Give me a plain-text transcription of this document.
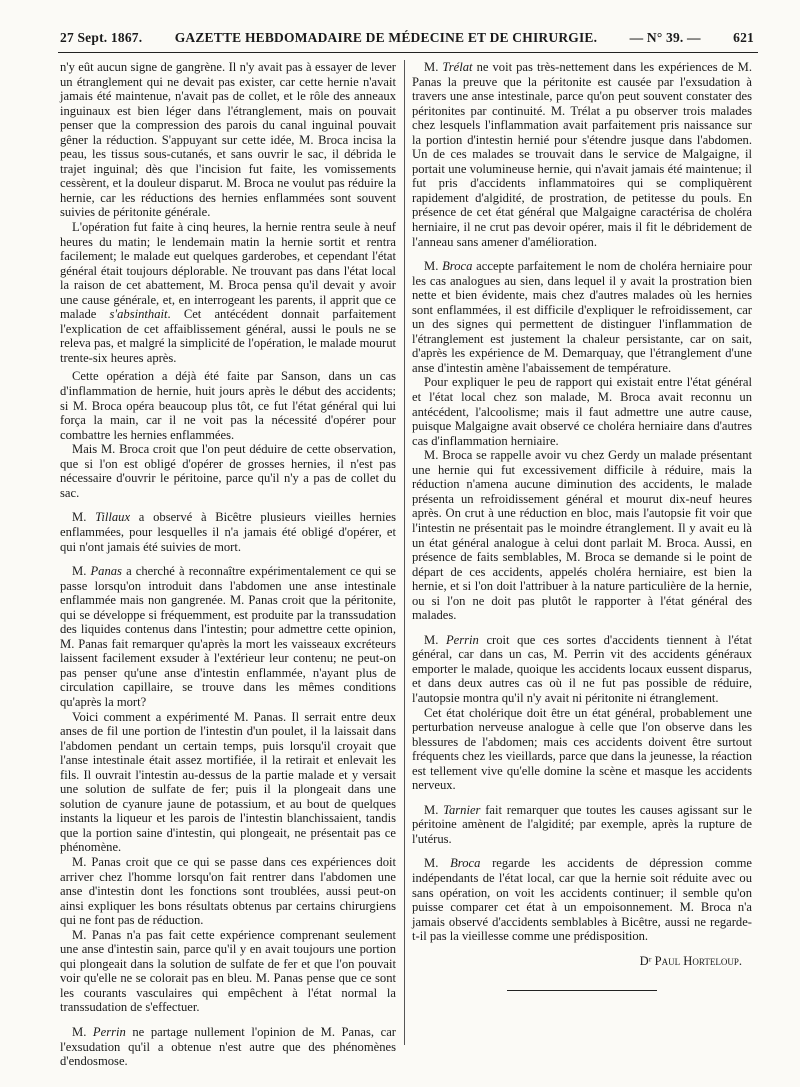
27 Sept. 1867. GAZETTE HEBDOMADAIRE DE MÉDECINE ET DE CHIRURGIE. — N° 39. — 621

n'y eût aucun signe de gangrène. Il n'y avait pas à essayer de lever un étranglement qui ne devait pas exister, car cette hernie n'avait jamais été maintenue, n'avait pas de collet, et le rôle des anneaux inguinaux est bien léger dans l'étranglement, mais on pouvait penser que la compression des parois du canal inguinal pouvait gêner la réduction. S'appuyant sur cette idée, M. Broca incisa la peau, les tissus sous-cutanés, et sans ouvrir le sac, il débrida le trajet inguinal; dès que l'incision fut faite, les vomissements cessèrent, et la douleur disparut. M. Broca ne voulut pas réduire la hernie, car les réductions des hernies enflammées sont souvent suivies de péritonite générale.

L'opération fut faite à cinq heures, la hernie rentra seule à neuf heures du matin; le lendemain matin la hernie sortit et rentra facilement; le malade eut quelques garderobes, et cependant l'état général était toujours déplorable. Ne trouvant pas dans l'état local la raison de cet abattement, M. Broca pensa qu'il devait y avoir une cause générale, et, en interrogeant les parents, il apprit que ce malade s'absinthait. Cet antécédent donnait parfaitement l'explication de cet affaiblissement général, aussi le pouls ne se releva pas, et malgré la simplicité de l'opération, le malade mourut trente-six heures après.

Cette opération a déjà été faite par Sanson, dans un cas d'inflammation de hernie, huit jours après le début des accidents; si M. Broca opéra beaucoup plus tôt, ce fut l'état général qui lui força la main, car il ne voit pas la nécessité d'opérer pour combattre les hernies enflammées.

Mais M. Broca croit que l'on peut déduire de cette observation, que si l'on est obligé d'opérer de grosses hernies, il n'est pas nécessaire d'ouvrir le péritoine, parce qu'il n'y a pas de collet du sac.

M. Tillaux a observé à Bicêtre plusieurs vieilles hernies enflammées, pour lesquelles il n'a jamais été obligé d'opérer, et qui n'ont jamais été suivies de mort.

M. Panas a cherché à reconnaître expérimentalement ce qui se passe lorsqu'on introduit dans l'abdomen une anse intestinale enflammée mais non gangrenée. M. Panas croit que la péritonite, qui se développe si fréquemment, est produite par la transsudation des liquides contenus dans l'intestin; pour admettre cette opinion, M. Panas fait remarquer qu'après la mort les vaisseaux excréteurs laissent facilement exsuder à l'extérieur leur contenu; ne peut-on pas penser qu'une anse d'intestin enflammée, n'ayant plus de circulation capillaire, se trouve dans les mêmes conditions qu'après la mort?

Voici comment a expérimenté M. Panas. Il serrait entre deux anses de fil une portion de l'intestin d'un poulet, il la laissait dans l'abdomen pendant un certain temps, puis lorsqu'il croyait que l'anse intestinale était assez mortifiée, il la retirait et enlevait les fils. Il ouvrait l'intestin au-dessus de la partie malade et y versait une solution de sulfate de fer; puis il la plongeait dans une solution de cyanure jaune de potassium, et au bout de quelques instants la liqueur et les parois de l'intestin blanchissaient, tandis que la portion saine d'intestin, qui plongeait, ne présentait pas ce phénomène.

M. Panas croit que ce qui se passe dans ces expériences doit arriver chez l'homme lorsqu'on fait rentrer dans l'abdomen une anse d'intestin dont les fonctions sont troublées, aussi peut-on ainsi expliquer les bons résultats obtenus par certains chirurgiens qui ne font pas de réduction.

M. Panas n'a pas fait cette expérience comprenant seulement une anse d'intestin sain, parce qu'il y en avait toujours une portion qui plongeait dans la solution de sulfate de fer et que l'on pouvait voir qu'elle ne se colorait pas en bleu. M. Panas pense que ce sont les courants vasculaires qui empêchent à l'état normal la transsudation de s'effectuer.

M. Perrin ne partage nullement l'opinion de M. Panas, car l'exsudation qu'il a obtenue n'est autre que des phénomènes d'endosmose.

M. Trélat ne voit pas très-nettement dans les expériences de M. Panas la preuve que la péritonite est causée par l'exsudation à travers une anse intestinale, parce qu'on peut souvent constater des péritonites par continuité. M. Trélat a pu observer trois malades chez lesquels l'inflammation avait parfaitement pris naissance sur la portion d'intestin hernié pour s'étendre jusque dans l'abdomen. Un de ces malades se trouvait dans le service de Malgaigne, il portait une volumineuse hernie, qui n'avait jamais été maintenue; il fut pris d'accidents inflammatoires qui se compliquèrent rapidement d'algidité, de prostration, de petitesse du pouls. En présence de cet état général que Malgaigne caractérisa de choléra herniaire, il ne crut pas devoir opérer, mais il fit le débridement de l'anneau sans amener d'amélioration.

M. Broca accepte parfaitement le nom de choléra herniaire pour les cas analogues au sien, dans lequel il y avait la prostration bien nette et bien évidente, mais chez d'autres malades où les hernies sont enflammées, il est difficile d'expliquer le refroidissement, car un des signes qui permettent de distinguer l'inflammation de l'étranglement est justement la chaleur persistante, car on sait, d'après les expérience de M. Demarquay, que l'étranglement d'une anse d'intestin amène l'abaissement de température.

Pour expliquer le peu de rapport qui existait entre l'état général et l'état local chez son malade, M. Broca avait reconnu un antécédent, l'alcoolisme; mais il faut admettre une autre cause, puisque Malgaigne avait observé ce choléra herniaire dans d'autres cas d'inflammation herniaire.

M. Broca se rappelle avoir vu chez Gerdy un malade présentant une hernie qui fut excessivement difficile à réduire, mais la réduction n'amena aucune diminution des accidents, le malade présenta un refroidissement général et mourut dix-neuf heures après. On crut à une réduction en bloc, mais l'autopsie fit voir que l'intestin ne présentait pas le moindre étranglement. Il y avait eu là un état général analogue à celui dont parlait M. Broca. Aussi, en présence de faits semblables, M. Broca se demande si le point de départ de ces accidents, appelés choléra herniaire, est bien la hernie, et si l'on doit l'attribuer à la nature particulière de la hernie, ou si l'on ne doit pas plutôt le rapporter à l'état général des malades.

M. Perrin croit que ces sortes d'accidents tiennent à l'état général, car dans un cas, M. Perrin vit des accidents généraux emporter le malade, quoique les accidents locaux eussent disparus, et dans deux autres cas où il ne fut pas possible de réduire, l'autopsie montra qu'il n'y avait ni péritonite ni étranglement.

Cet état cholérique doit être un état général, probablement une perturbation nerveuse analogue à celle que l'on observe dans les blessures de l'abdomen; mais ces accidents doivent être surtout fréquents chez les vieillards, parce que dans la jeunesse, la réaction est tellement vive qu'elle domine la scène et masque les accidents nerveux.

M. Tarnier fait remarquer que toutes les causes agissant sur le péritoine amènent de l'algidité; par exemple, après la rupture de l'utérus.

M. Broca regarde les accidents de dépression comme indépendants de l'état local, car que la hernie soit réduite avec ou sans opération, on voit les accidents continuer; il semble qu'on puisse comparer cet état à un empoisonnement. M. Broca n'a jamais observé d'accidents semblables à Bicêtre, aussi ne regarde-t-il pas la vieillesse comme une prédisposition.

Dʳ Paul Horteloup.
